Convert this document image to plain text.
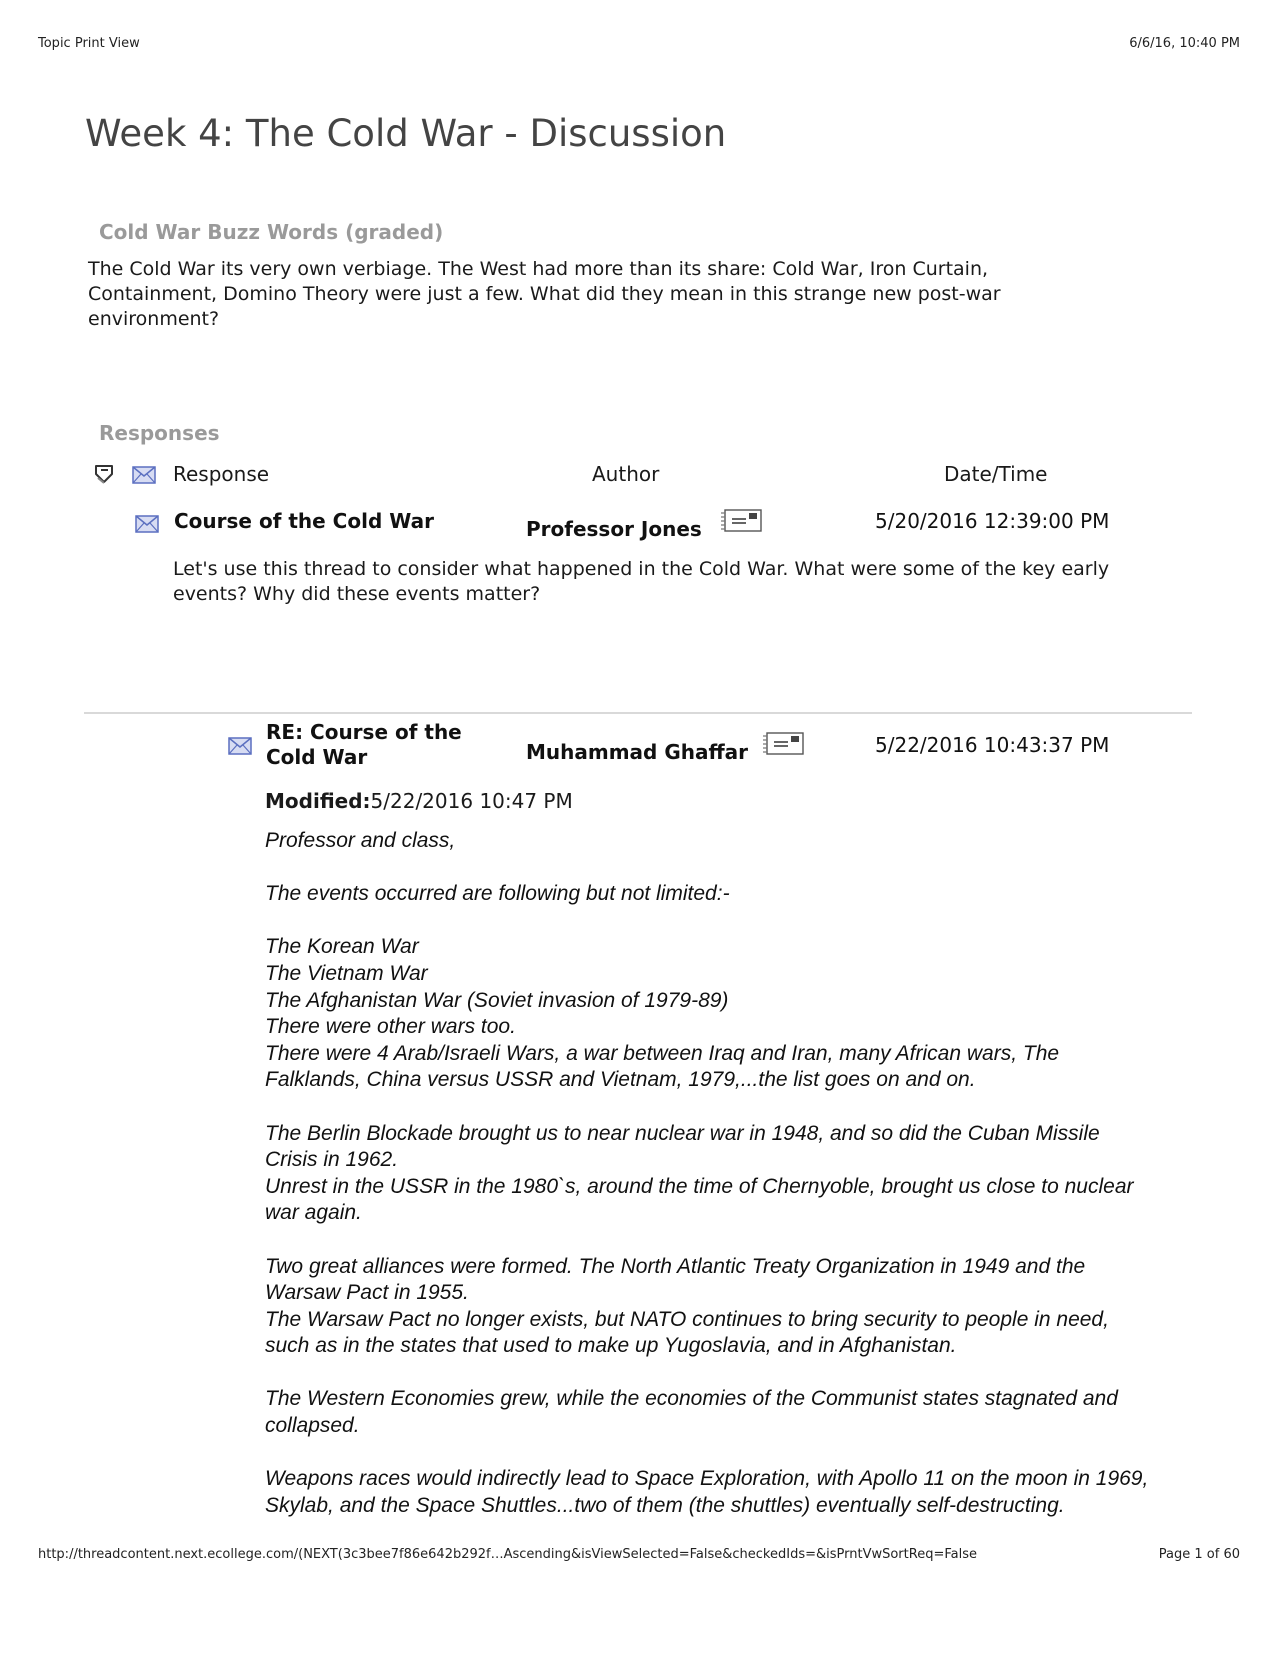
Topic Print View	6/6/16, 10:40 PM
Week 4: The Cold War - Discussion
Cold War Buzz Words (graded)
The Cold War its very own verbiage. The West had more than its share: Cold War, Iron Curtain, Containment, Domino Theory were just a few. What did they mean in this strange new post-war environment?
Responses
Response	Author	Date/Time
Course of the Cold War	Professor Jones	5/20/2016 12:39:00 PM
Let's use this thread to consider what happened in the Cold War. What were some of the key early events? Why did these events matter?
RE: Course of the
Cold War	Muhammad Ghaffar	5/22/2016 10:43:37 PM
Modified:5/22/2016 10:47 PM

Professor and class,

The events occurred are following but not limited:-

The Korean War

The Vietnam War

The Afghanistan War (Soviet invasion of 1979-89)

There were other wars too.

There were 4 Arab/Israeli Wars, a war between Iraq and Iran, many African wars, The

Falklands, China versus USSR and Vietnam, 1979,...the list goes on and on.

The Berlin Blockade brought us to near nuclear war in 1948, and so did the Cuban Missile

Crisis in 1962.

Unrest in the USSR in the 1980`s, around the time of Chernyoble, brought us close to nuclear

war again.

Two great alliances were formed. The North Atlantic Treaty Organization in 1949 and the

Warsaw Pact in 1955.

The Warsaw Pact no longer exists, but NATO continues to bring security to people in need,

such as in the states that used to make up Yugoslavia, and in Afghanistan.

The Western Economies grew, while the economies of the Communist states stagnated and

collapsed.

Weapons races would indirectly lead to Space Exploration, with Apollo 11 on the moon in 1969,

Skylab, and the Space Shuttles...two of them (the shuttles) eventually self-destructing.

http://threadcontent.next.ecollege.com/(NEXT(3c3bee7f86e642b292f…Ascending&isViewSelected=False&checkedIds=&isPrntVwSortReq=False	Page 1 of 60
